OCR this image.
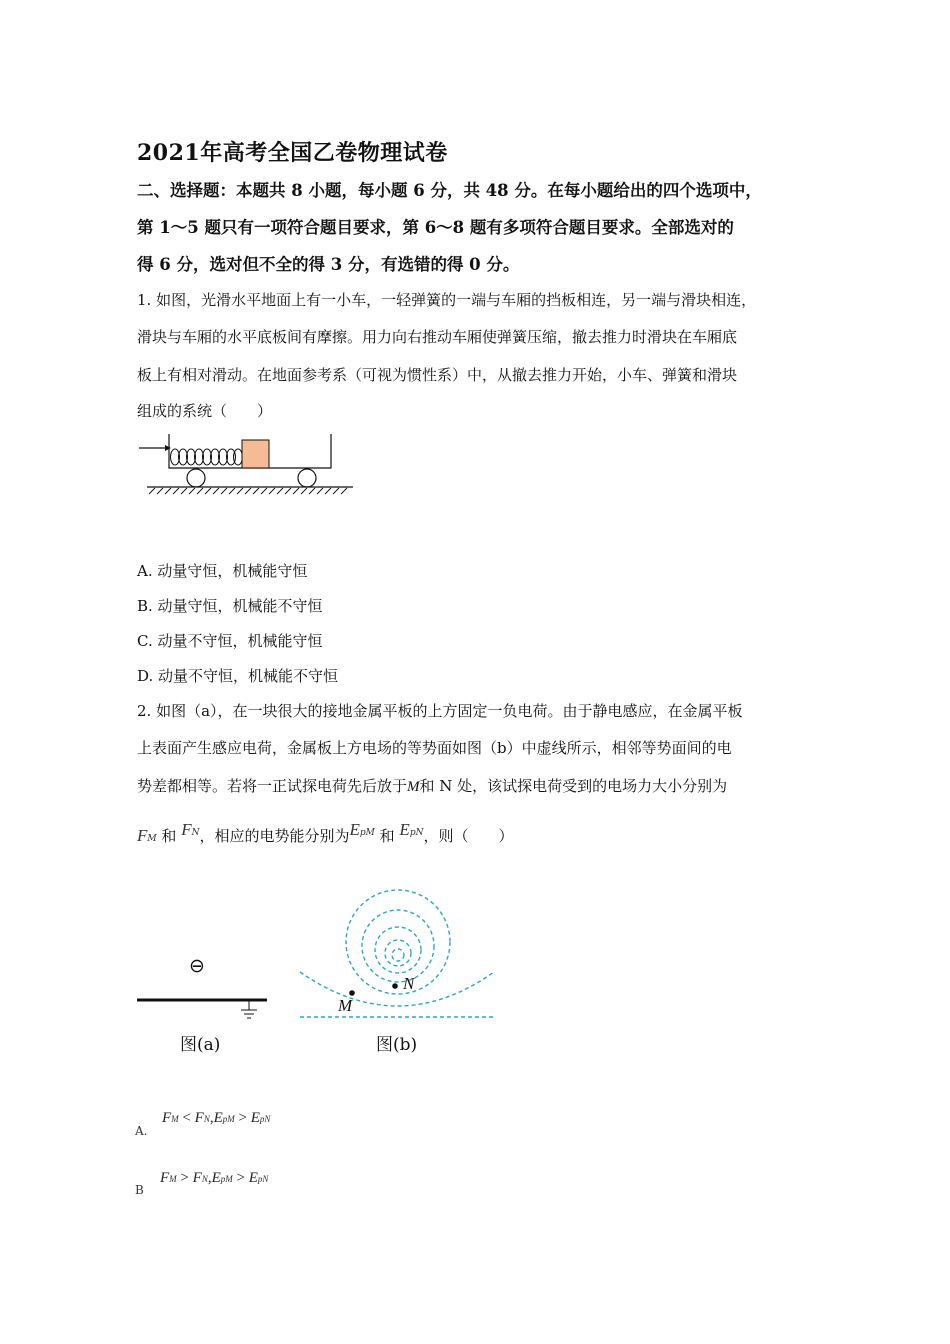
2021年高考全国乙卷物理试卷
二、选择题：本题共 8 小题，每小题 6 分，共 48 分。在每小题给出的四个选项中，
第 1～5 题只有一项符合题目要求，第 6～8 题有多项符合题目要求。全部选对的
得 6 分，选对但不全的得 3 分，有选错的得 0 分。
1. 如图，光滑水平地面上有一小车，一轻弹簧的一端与车厢的挡板相连，另一端与滑块相连，
滑块与车厢的水平底板间有摩擦。用力向右推动车厢使弹簧压缩，撤去推力时滑块在车厢底
板上有相对滑动。在地面参考系（可视为惯性系）中，从撤去推力开始，小车、弹簧和滑块
组成的系统（　　）
A. 动量守恒，机械能守恒
B. 动量守恒，机械能不守恒
C. 动量不守恒，机械能守恒
D. 动量不守恒，机械能不守恒
2. 如图（a），在一块很大的接地金属平板的上方固定一负电荷。由于静电感应，在金属平板
上表面产生感应电荷，金属板上方电场的等势面如图（b）中虚线所示，相邻等势面间的电
势差都相等。若将一正试探电荷先后放于M和 N 处，该试探电荷受到的电场力大小分别为
FM 和 $F^N$，相应的电势能分别为$E^{pM}$ 和 $E^{pN}$，则（　　）
⊖
图(a)
M
N
图(b)
A.
FM < FN,EpM > EpN
B
FM > FN,EpM > EpN
